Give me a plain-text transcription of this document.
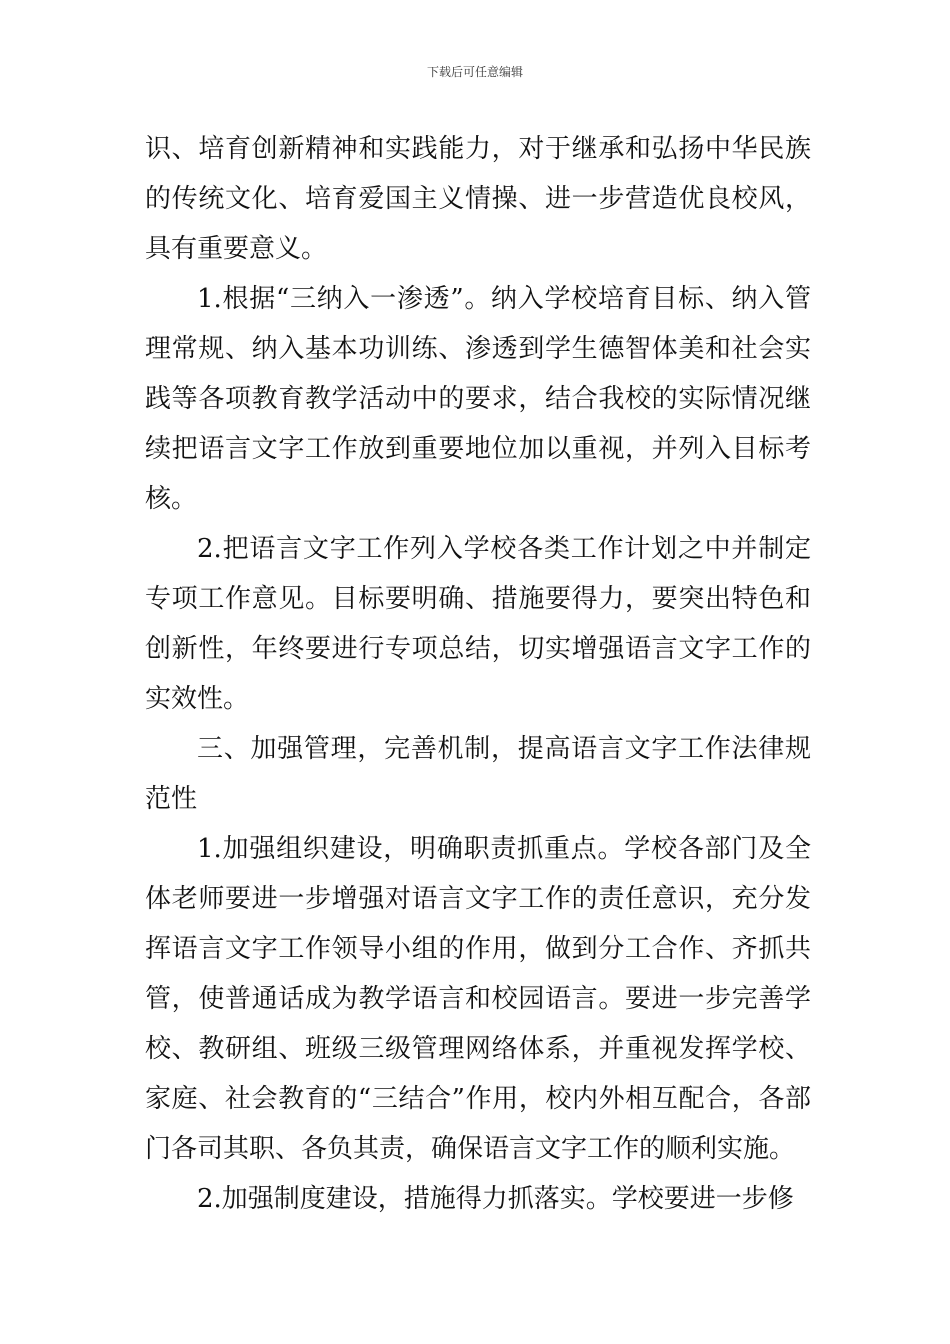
下载后可任意编辑

识、培育创新精神和实践能力，对于继承和弘扬中华民族的传统文化、培育爱国主义情操、进一步营造优良校风，具有重要意义。

1.根据“三纳入一渗透”。纳入学校培育目标、纳入管理常规、纳入基本功训练、渗透到学生德智体美和社会实践等各项教育教学活动中的要求，结合我校的实际情况继续把语言文字工作放到重要地位加以重视，并列入目标考核。

2.把语言文字工作列入学校各类工作计划之中并制定专项工作意见。目标要明确、措施要得力，要突出特色和创新性，年终要进行专项总结，切实增强语言文字工作的实效性。

三、加强管理，完善机制，提高语言文字工作法律规范性

1.加强组织建设，明确职责抓重点。学校各部门及全体老师要进一步增强对语言文字工作的责任意识，充分发挥语言文字工作领导小组的作用，做到分工合作、齐抓共管，使普通话成为教学语言和校园语言。要进一步完善学校、教研组、班级三级管理网络体系，并重视发挥学校、家庭、社会教育的“三结合”作用，校内外相互配合，各部门各司其职、各负其责，确保语言文字工作的顺利实施。

2.加强制度建设，措施得力抓落实。学校要进一步修
